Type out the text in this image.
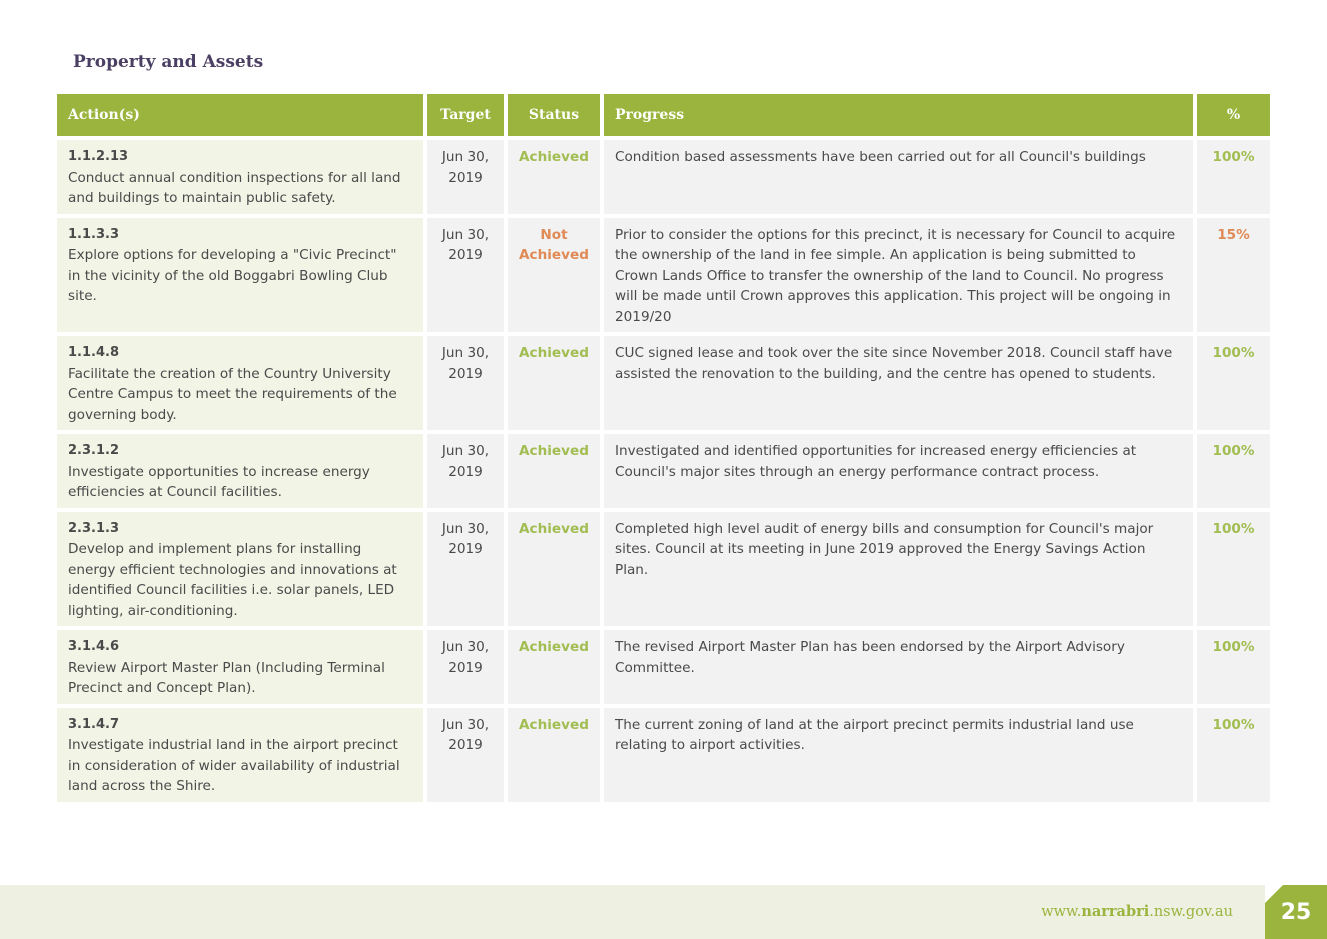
Property and Assets
Action(s)	Target	Status	Progress	%

1.1.2.13
Conduct annual condition inspections for all land and buildings to maintain public safety.	Jun 30, 2019	Achieved	Condition based assessments have been carried out for all Council's buildings	100%

1.1.3.3
Explore options for developing a "Civic Precinct" in the vicinity of the old Boggabri Bowling Club site.	Jun 30, 2019	Not Achieved	Prior to consider the options for this precinct, it is necessary for Council to acquire the ownership of the land in fee simple. An application is being submitted to Crown Lands Office to transfer the ownership of the land to Council. No progress will be made until Crown approves this application. This project will be ongoing in 2019/20	15%

1.1.4.8
Facilitate the creation of the Country University Centre Campus to meet the requirements of the governing body.	Jun 30, 2019	Achieved	CUC signed lease and took over the site since November 2018. Council staff have assisted the renovation to the building, and the centre has opened to students.	100%

2.3.1.2
Investigate opportunities to increase energy efficiencies at Council facilities.	Jun 30, 2019	Achieved	Investigated and identified opportunities for increased energy efficiencies at Council's major sites through an energy performance contract process.	100%

2.3.1.3
Develop and implement plans for installing energy efficient technologies and innovations at identified Council facilities i.e. solar panels, LED lighting, air-conditioning.	Jun 30, 2019	Achieved	Completed high level audit of energy bills and consumption for Council's major sites. Council at its meeting in June 2019 approved the Energy Savings Action Plan.	100%

3.1.4.6
Review Airport Master Plan (Including Terminal Precinct and Concept Plan).	Jun 30, 2019	Achieved	The revised Airport Master Plan has been endorsed by the Airport Advisory Committee.	100%

3.1.4.7
Investigate industrial land in the airport precinct in consideration of wider availability of industrial land across the Shire.	Jun 30, 2019	Achieved	The current zoning of land at the airport precinct permits industrial land use relating to airport activities.	100%
www.narrabri.nsw.gov.au	25
